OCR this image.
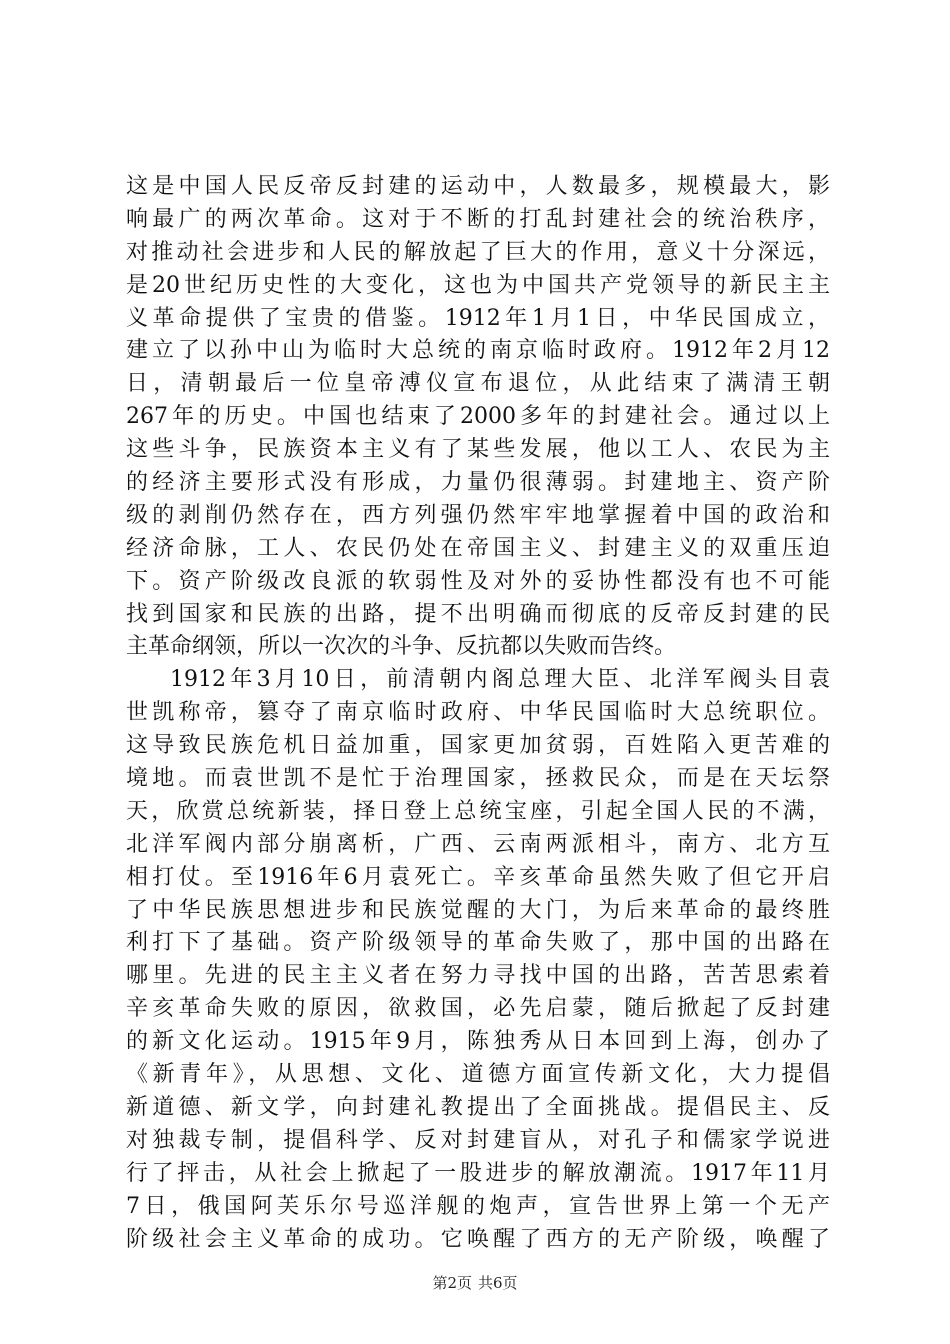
这是中国人民反帝反封建的运动中，人数最多，规模最大，影
响最广的两次革命。这对于不断的打乱封建社会的统治秩序，
对推动社会进步和人民的解放起了巨大的作用，意义十分深远，
是20世纪历史性的大变化，这也为中国共产党领导的新民主主
义革命提供了宝贵的借鉴。1912年1月1日，中华民国成立，
建立了以孙中山为临时大总统的南京临时政府。1912年2月12
日，清朝最后一位皇帝溥仪宣布退位，从此结束了满清王朝
267年的历史。中国也结束了2000多年的封建社会。通过以上
这些斗争，民族资本主义有了某些发展，他以工人、农民为主
的经济主要形式没有形成，力量仍很薄弱。封建地主、资产阶
级的剥削仍然存在，西方列强仍然牢牢地掌握着中国的政治和
经济命脉，工人、农民仍处在帝国主义、封建主义的双重压迫
下。资产阶级改良派的软弱性及对外的妥协性都没有也不可能
找到国家和民族的出路，提不出明确而彻底的反帝反封建的民
主革命纲领，所以一次次的斗争、反抗都以失败而告终。
1912年3月10日，前清朝内阁总理大臣、北洋军阀头目袁
世凯称帝，篡夺了南京临时政府、中华民国临时大总统职位。
这导致民族危机日益加重，国家更加贫弱，百姓陷入更苦难的
境地。而袁世凯不是忙于治理国家，拯救民众，而是在天坛祭
天，欣赏总统新装，择日登上总统宝座，引起全国人民的不满，
北洋军阀内部分崩离析，广西、云南两派相斗，南方、北方互
相打仗。至1916年6月袁死亡。辛亥革命虽然失败了但它开启
了中华民族思想进步和民族觉醒的大门，为后来革命的最终胜
利打下了基础。资产阶级领导的革命失败了，那中国的出路在
哪里。先进的民主主义者在努力寻找中国的出路，苦苦思索着
辛亥革命失败的原因，欲救国，必先启蒙，随后掀起了反封建
的新文化运动。1915年9月，陈独秀从日本回到上海，创办了
《新青年》，从思想、文化、道德方面宣传新文化，大力提倡
新道德、新文学，向封建礼教提出了全面挑战。提倡民主、反
对独裁专制，提倡科学、反对封建盲从，对孔子和儒家学说进
行了抨击，从社会上掀起了一股进步的解放潮流。1917年11月
7日，俄国阿芙乐尔号巡洋舰的炮声，宣告世界上第一个无产
阶级社会主义革命的成功。它唤醒了西方的无产阶级，唤醒了
第2页 共6页
